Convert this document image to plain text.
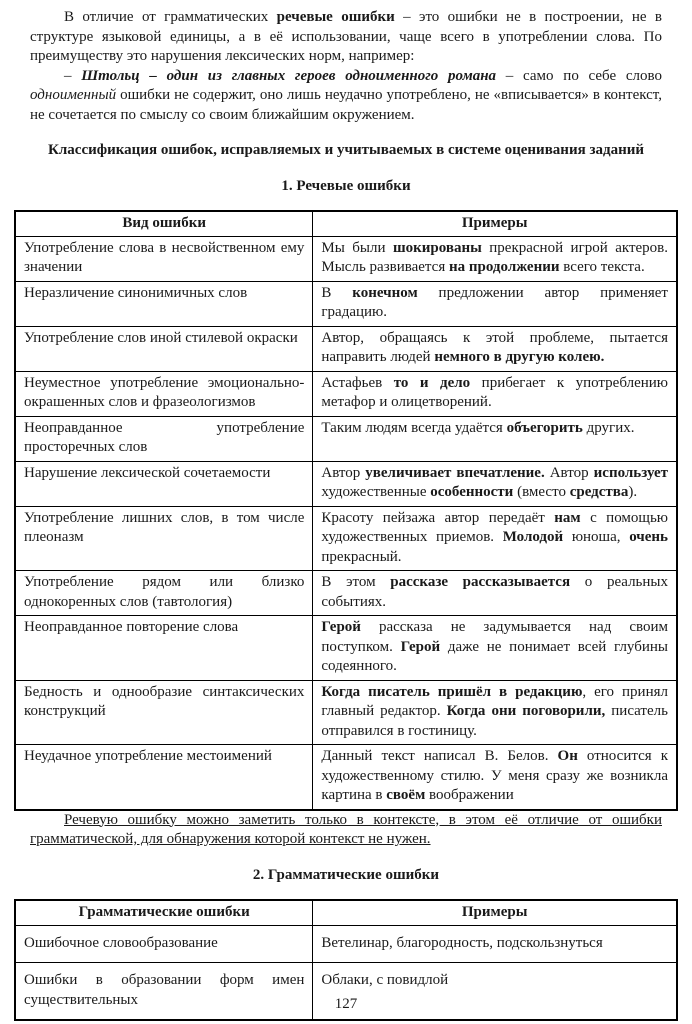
В отличие от грамматических речевые ошибки – это ошибки не в построении, не в структуре языковой единицы, а в её использовании, чаще всего в употреблении слова. По преимуществу это нарушения лексических норм, например:

– Штольц – один из главных героев одноименного романа – само по себе слово одноименный ошибки не содержит, оно лишь неудачно употреблено, не «вписывается» в контекст, не сочетается по смыслу со своим ближайшим окружением.

Классификация ошибок, исправляемых и учитываемых в системе оценивания заданий
1. Речевые ошибки
Вид ошибки	Примеры
Употребление слова в несвойственном ему значении	Мы были шокированы прекрасной игрой актеров. Мысль развивается на продолжении всего текста.
Неразличение синонимичных слов	В конечном предложении автор применяет градацию.
Употребление слов иной стилевой окраски	Автор, обращаясь к этой проблеме, пытается направить людей немного в другую колею.
Неуместное употребление эмоционально-окрашенных слов и фразеологизмов	Астафьев то и дело прибегает к употреблению метафор и олицетворений.
Неоправданное употребление просторечных слов	Таким людям всегда удаётся объегорить других.
Нарушение лексической сочетаемости	Автор увеличивает впечатление. Автор использует художественные особенности (вместо средства).
Употребление лишних слов, в том числе плеоназм	Красоту пейзажа автор передаёт нам с помощью художественных приемов. Молодой юноша, очень прекрасный.
Употребление рядом или близко однокоренных слов (тавтология)	В этом рассказе рассказывается о реальных событиях.
Неоправданное повторение слова	Герой рассказа не задумывается над своим поступком. Герой даже не понимает всей глубины содеянного.
Бедность и однообразие синтаксических конструкций	Когда писатель пришёл в редакцию, его принял главный редактор. Когда они поговорили, писатель отправился в гостиницу.
Неудачное употребление местоимений	Данный текст написал В. Белов. Он относится к художественному стилю. У меня сразу же возникла картина в своём воображении

Речевую ошибку можно заметить только в контексте, в этом её отличие от ошибки грамматической, для обнаружения которой контекст не нужен.

2. Грамматические ошибки
Грамматические ошибки	Примеры
Ошибочное словообразование	Ветелинар, благородность, подскользнуться
Ошибки в образовании форм имен существительных	Облаки, с повидлой
127
